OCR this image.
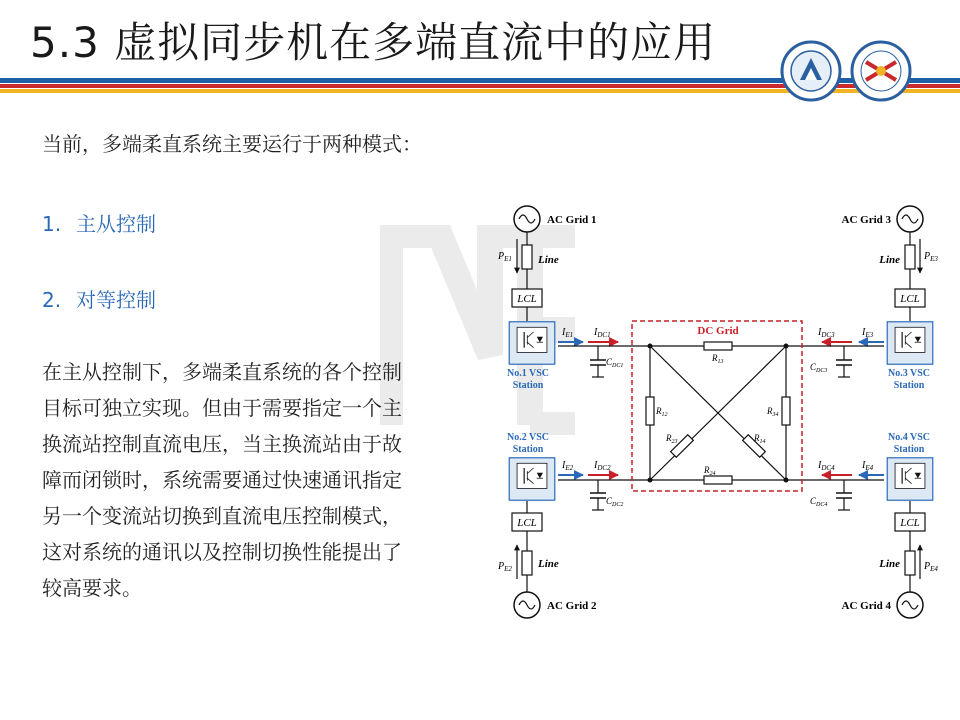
5.3 虚拟同步机在多端直流中的应用
当前，多端柔直系统主要运行于两种模式：
1. 主从控制
2. 对等控制
在主从控制下，多端柔直系统的各个控制
目标可独立实现。但由于需要指定一个主
换流站控制直流电压，当主换流站由于故
障而闭锁时，系统需要通过快速通讯指定
另一个变流站切换到直流电压控制模式，
这对系统的通讯以及控制切换性能提出了
较高要求。
AC Grid 1
$P_{E1}$ Line
LCL
No.1 VSC
Station
$I_{E1}$ $I_{DC1}$
$C_{DC1}$
No.2 VSC
Station
$I_{E2}$ $I_{DC2}$
$C_{DC2}$
LCL
$P_{E2}$ Line
AC Grid 2
AC Grid 3
$P_{E3}$
Line
LCL
No.3 VSC
Station
$I_{E3}$
$I_{DC3}$
$C_{DC3}$
No.4 VSC
Station
$I_{E4}$
$I_{DC4}$
$C_{DC4}$
LCL
$P_{E4}$
Line
AC Grid 4
DC Grid
$R_{13}$
$R_{12}$	$R_{34}$
$R_{23}$	$R_{14}$
$R_{24}$
